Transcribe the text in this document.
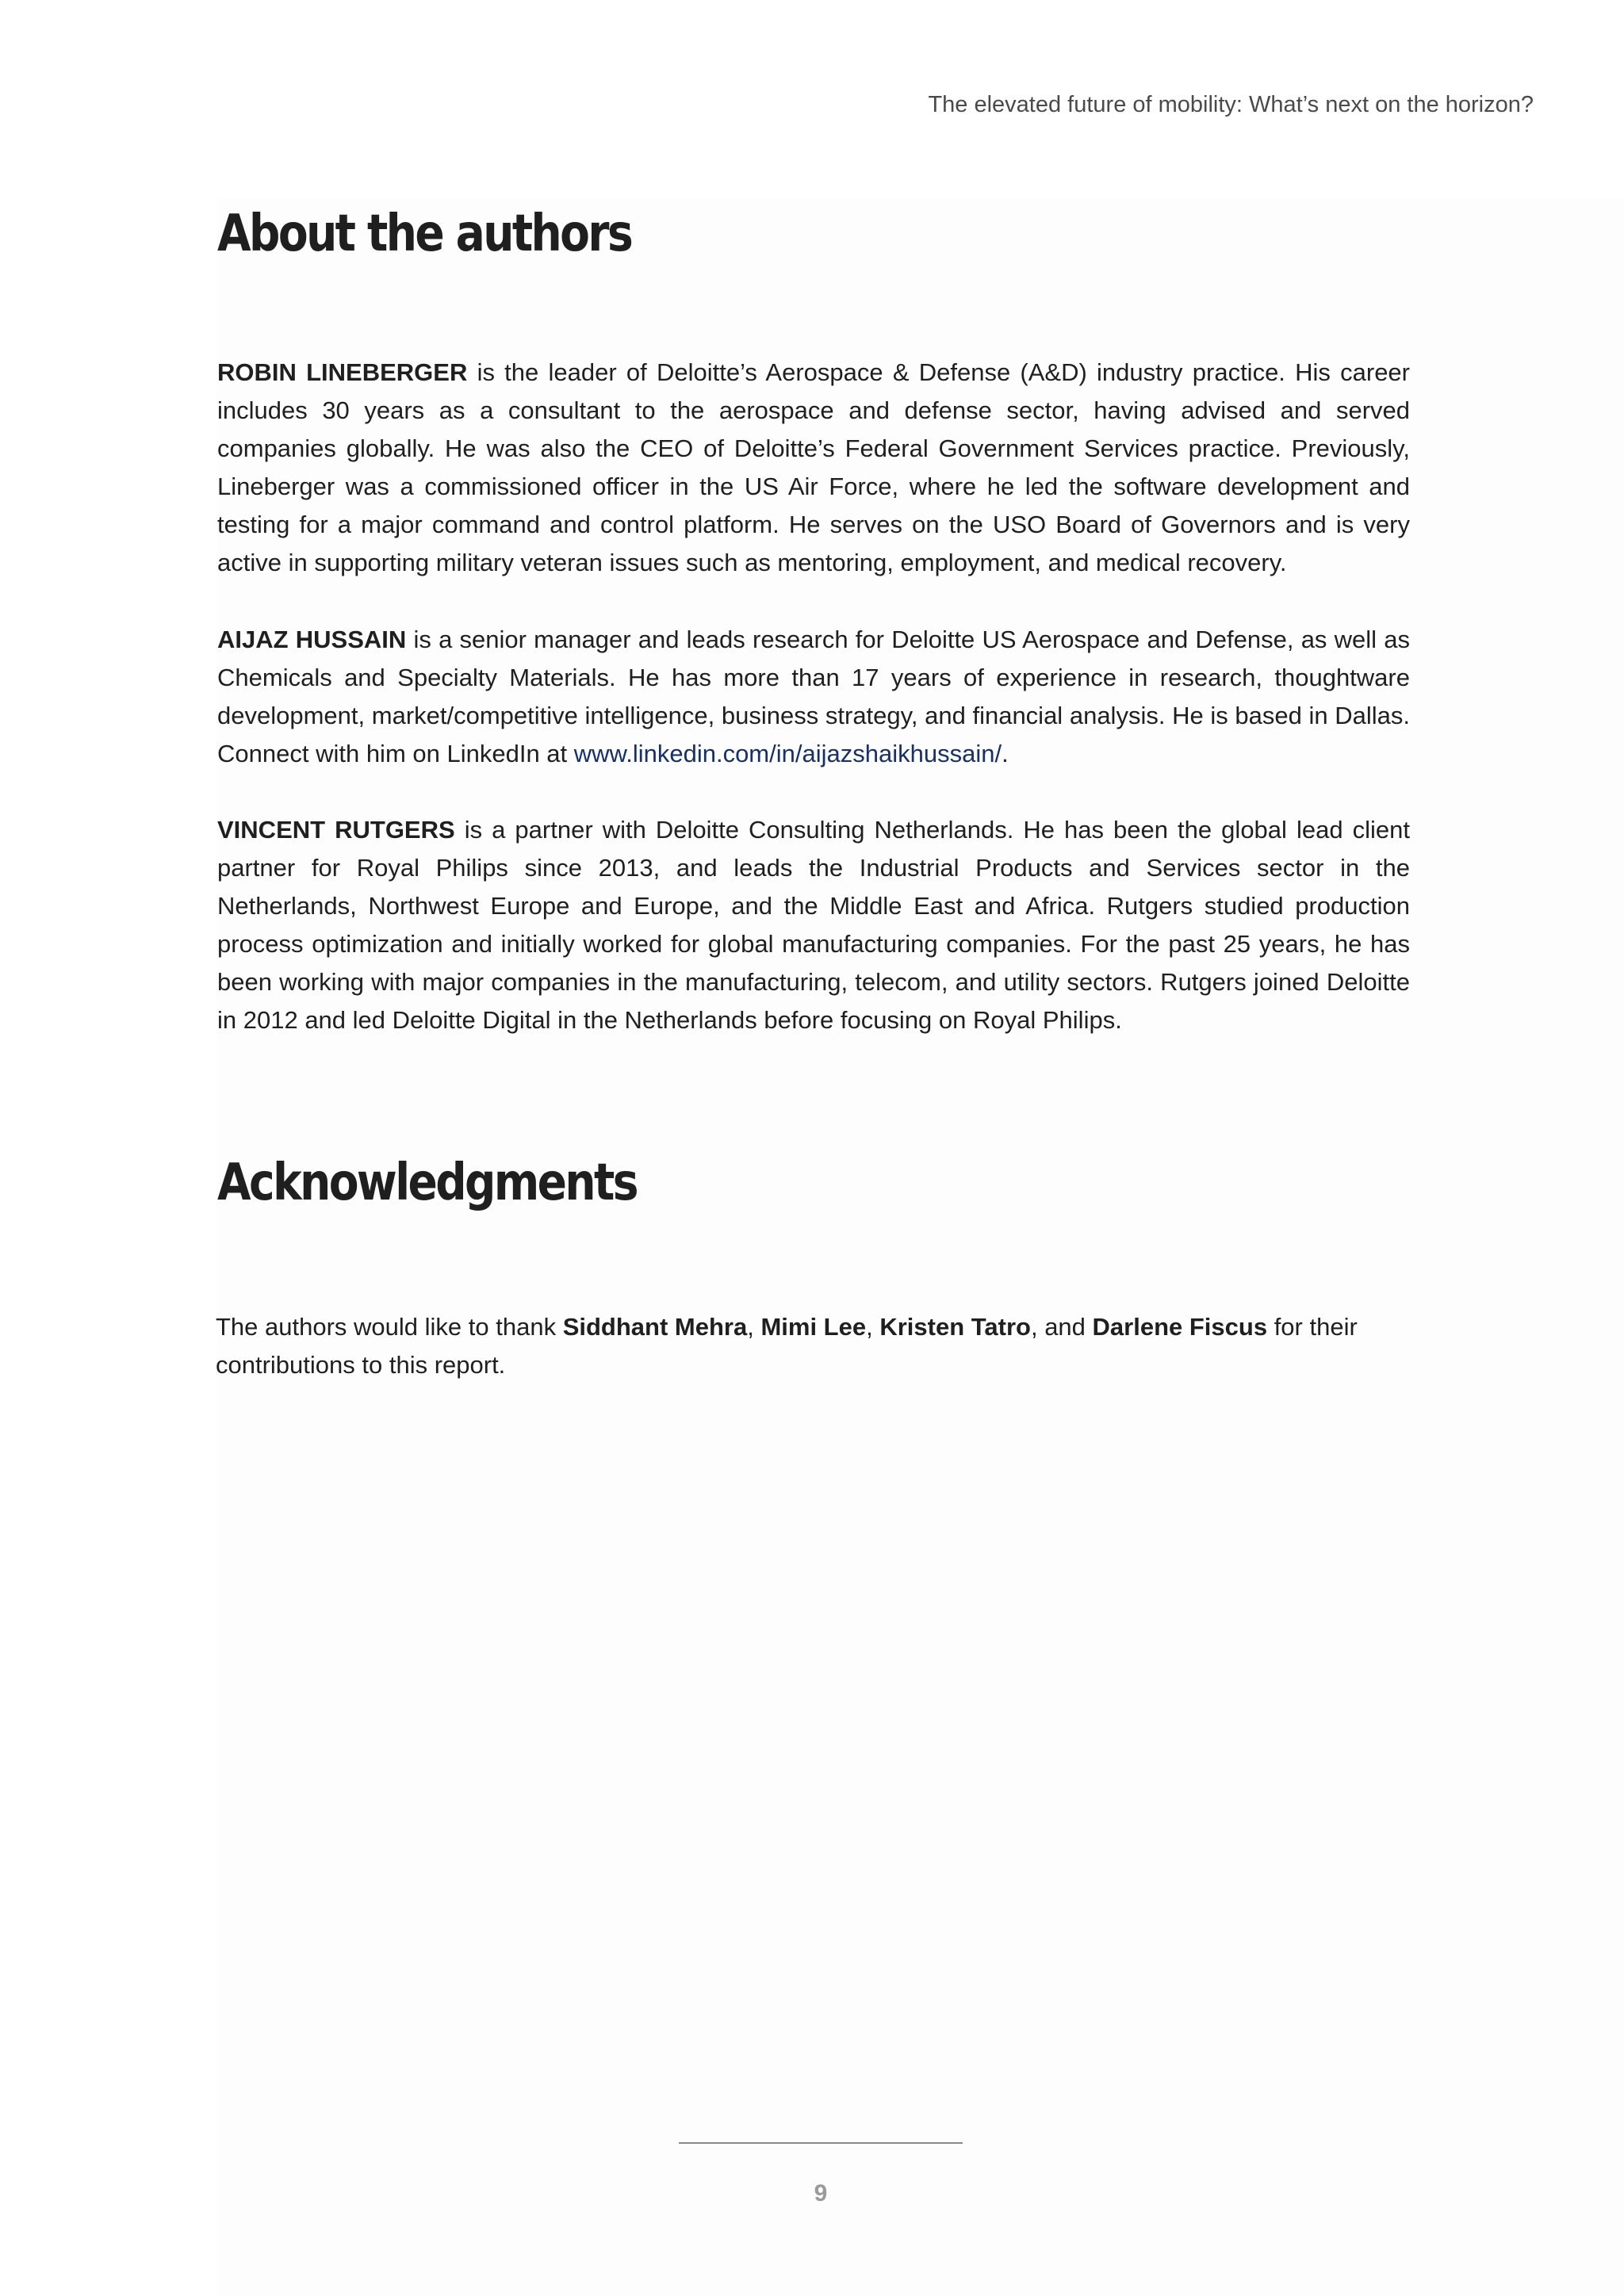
The elevated future of mobility: What’s next on the horizon?
About the authors

ROBIN LINEBERGER is the leader of Deloitte’s Aerospace & Defense (A&D) industry practice. His career includes 30 years as a consultant to the aerospace and defense sector, having advised and served companies globally. He was also the CEO of Deloitte’s Federal Government Services practice. Previously, Lineberger was a commissioned officer in the US Air Force, where he led the software development and testing for a major command and control platform. He serves on the USO Board of Governors and is very active in supporting military veteran issues such as mentoring, employment, and medical recovery.

AIJAZ HUSSAIN is a senior manager and leads research for Deloitte US Aerospace and Defense, as well as Chemicals and Specialty Materials. He has more than 17 years of experience in research, thoughtware development, market/competitive intelligence, business strategy, and financial analysis. He is based in Dallas. Connect with him on LinkedIn at www.linkedin.com/in/aijazshaikhussain/.

VINCENT RUTGERS is a partner with Deloitte Consulting Netherlands. He has been the global lead client partner for Royal Philips since 2013, and leads the Industrial Products and Services sector in the Netherlands, Northwest Europe and Europe, and the Middle East and Africa. Rutgers studied production process optimization and initially worked for global manufacturing companies. For the past 25 years, he has been working with major companies in the manufacturing, telecom, and utility sectors. Rutgers joined Deloitte in 2012 and led Deloitte Digital in the Netherlands before focusing on Royal Philips.

Acknowledgments

The authors would like to thank Siddhant Mehra, Mimi Lee, Kristen Tatro, and Darlene Fiscus for their contributions to this report.

9
